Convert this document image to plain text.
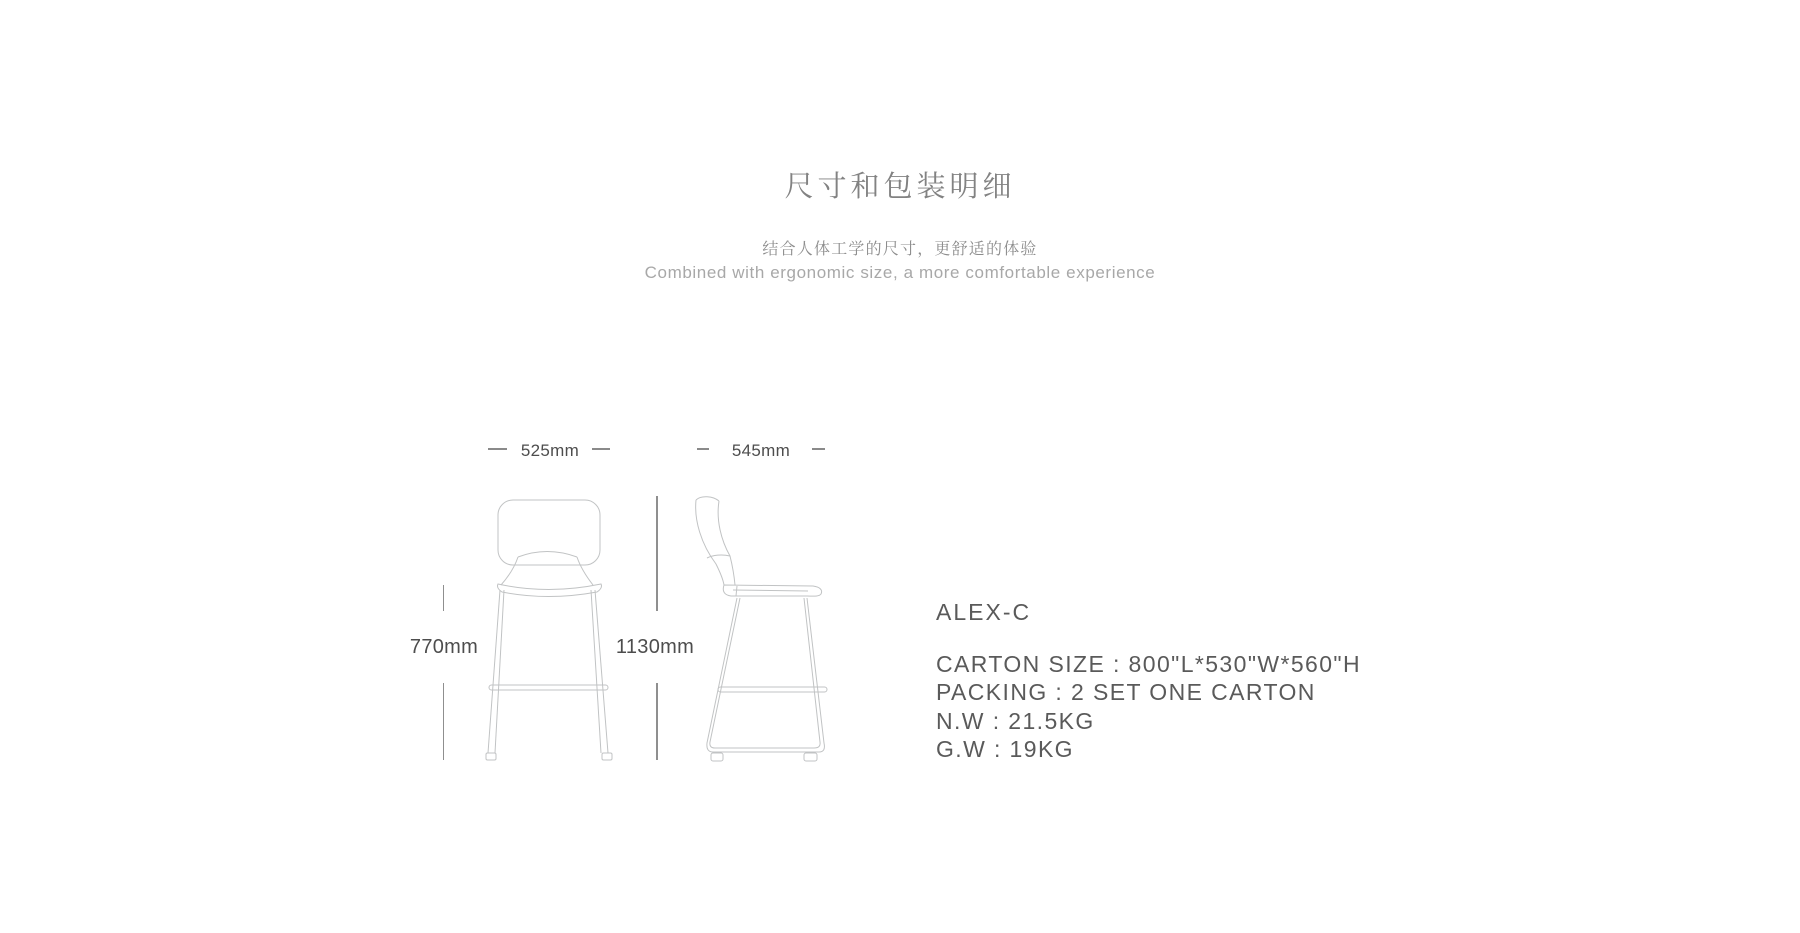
尺寸和包装明细
结合人体工学的尺寸，更舒适的体验
Combined with ergonomic size, a more comfortable experience
525mm	545mm
770mm	1130mm
ALEX-C
CARTON SIZE : 800"L*530"W*560"H
PACKING : 2 SET ONE CARTON
N.W : 21.5KG
G.W : 19KG
